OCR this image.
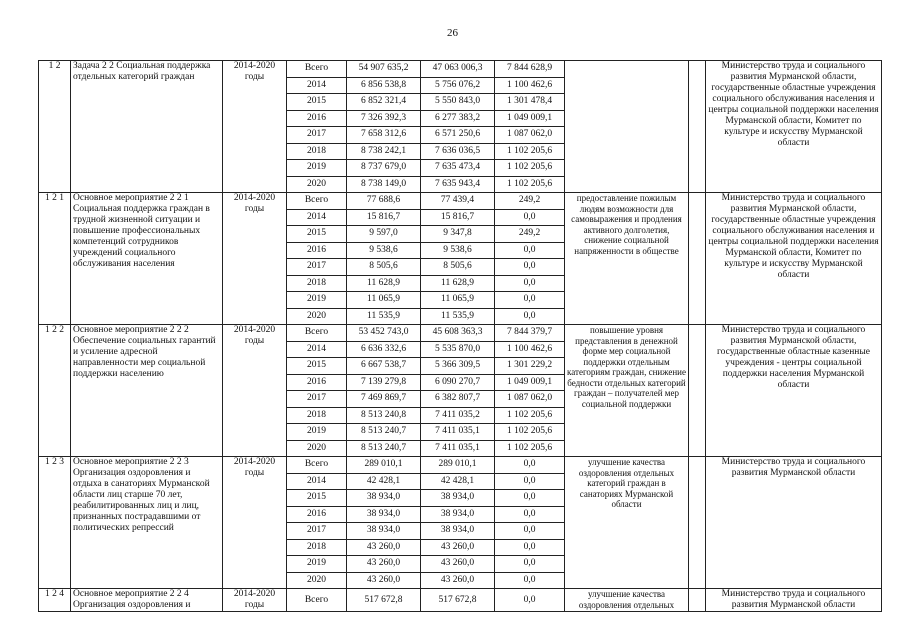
26
1 2	Задача 2 2 Социальная поддержка отдельных категорий граждан	2014-2020 годы	Всего	54 907 635,2	47 063 006,3	7 844 628,9			Министерство труда и социального развития Мурманской области, государственные областные учреждения социального обслуживания населения и центры социальной поддержки населения Мурманской области, Комитет по культуре и искусству Мурманской области
			2014	6 856 538,8	5 756 076,2	1 100 462,6			
			2015	6 852 321,4	5 550 843,0	1 301 478,4			
			2016	7 326 392,3	6 277 383,2	1 049 009,1			
			2017	7 658 312,6	6 571 250,6	1 087 062,0			
			2018	8 738 242,1	7 636 036,5	1 102 205,6			
			2019	8 737 679,0	7 635 473,4	1 102 205,6			
			2020	8 738 149,0	7 635 943,4	1 102 205,6			
1 2 1	Основное мероприятие 2 2 1 Социальная поддержка граждан в трудной жизненной ситуации и повышение профессиональных компетенций сотрудников учреждений социального обслуживания населения	2014-2020 годы	Всего	77 688,6	77 439,4	249,2	предоставление пожилым людям возможности для самовыражения и продления активного долголетия, снижение социальной напряженности в обществе		Министерство труда и социального развития Мурманской области, государственные областные учреждения социального обслуживания населения и центры социальной поддержки населения Мурманской области, Комитет по культуре и искусству Мурманской области
			2014	15 816,7	15 816,7	0,0			
			2015	9 597,0	9 347,8	249,2			
			2016	9 538,6	9 538,6	0,0			
			2017	8 505,6	8 505,6	0,0			
			2018	11 628,9	11 628,9	0,0			
			2019	11 065,9	11 065,9	0,0			
			2020	11 535,9	11 535,9	0,0			
1 2 2	Основное мероприятие 2 2 2 Обеспечение социальных гарантий и усиление адресной направленности мер социальной поддержки населению	2014-2020 годы	Всего	53 452 743,0	45 608 363,3	7 844 379,7	повышение уровня представления в денежной форме мер социальной поддержки отдельным категориям граждан, снижение бедности отдельных категорий граждан – получателей мер социальной поддержки		Министерство труда и социального развития Мурманской области, государственные областные казенные учреждения - центры социальной поддержки населения Мурманской области
			2014	6 636 332,6	5 535 870,0	1 100 462,6			
			2015	6 667 538,7	5 366 309,5	1 301 229,2			
			2016	7 139 279,8	6 090 270,7	1 049 009,1			
			2017	7 469 869,7	6 382 807,7	1 087 062,0			
			2018	8 513 240,8	7 411 035,2	1 102 205,6			
			2019	8 513 240,7	7 411 035,1	1 102 205,6			
			2020	8 513 240,7	7 411 035,1	1 102 205,6			
1 2 3	Основное мероприятие 2 2 3 Организация оздоровления и отдыха в санаториях Мурманской области лиц старше 70 лет, реабилитированных лиц и лиц, признанных пострадавшими от политических репрессий	2014-2020 годы	Всего	289 010,1	289 010,1	0,0	улучшение качества оздоровления отдельных категорий граждан в санаториях Мурманской области		Министерство труда и социального развития Мурманской области
			2014	42 428,1	42 428,1	0,0			
			2015	38 934,0	38 934,0	0,0			
			2016	38 934,0	38 934,0	0,0			
			2017	38 934,0	38 934,0	0,0			
			2018	43 260,0	43 260,0	0,0			
			2019	43 260,0	43 260,0	0,0			
			2020	43 260,0	43 260,0	0,0			
1 2 4	Основное мероприятие 2 2 4 Организация оздоровления и	2014-2020 годы	Всего	517 672,8	517 672,8	0,0	улучшение качества оздоровления отдельных		Министерство труда и социального развития Мурманской области
